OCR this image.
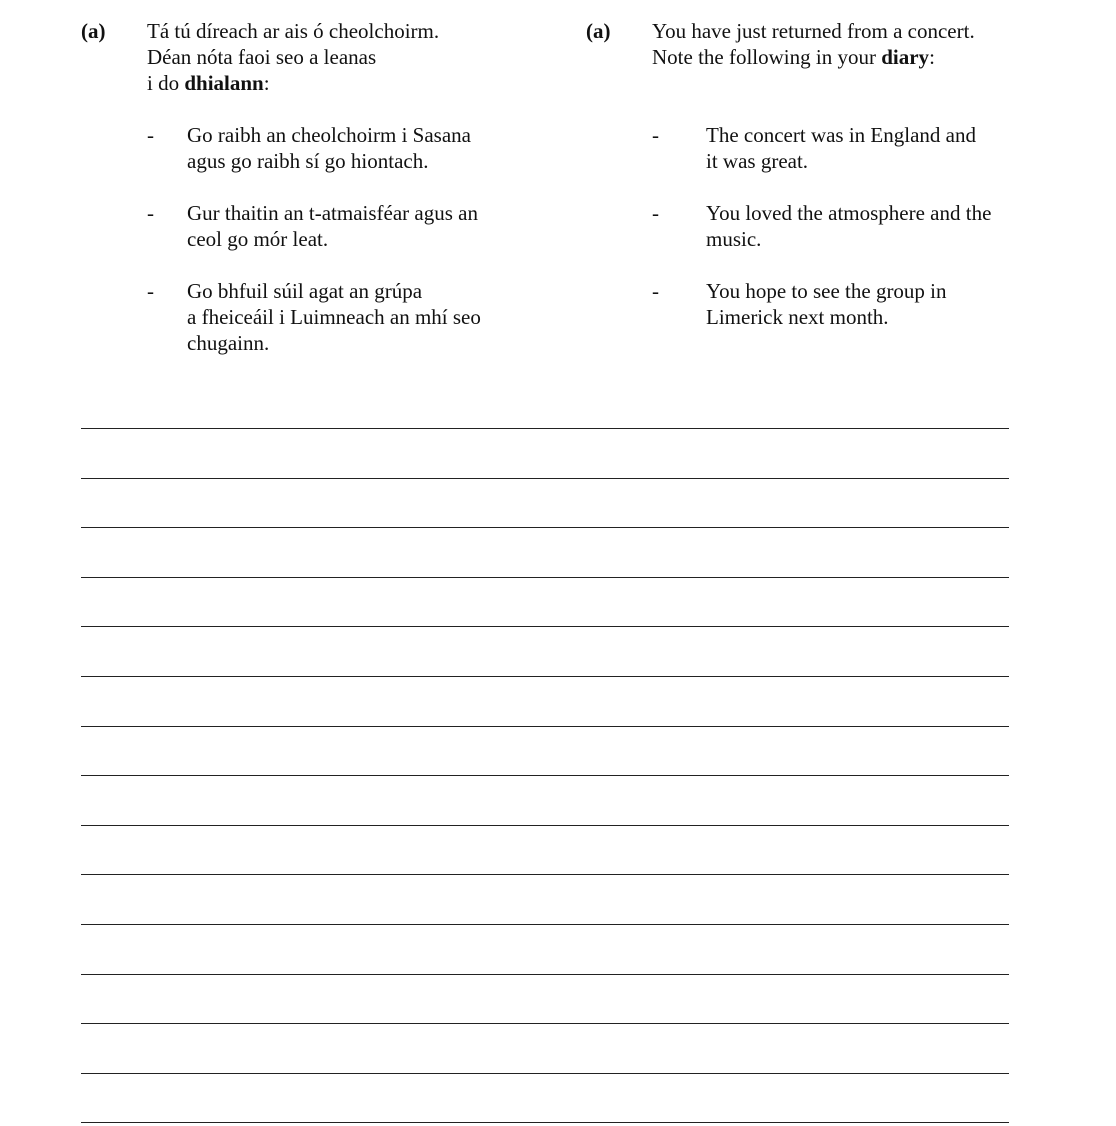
(a) Tá tú díreach ar ais ó cheolchoirm.
Déan nóta faoi seo a leanas
i do dhialann:
- Go raibh an cheolchoirm i Sasana
agus go raibh sí go hiontach.
- Gur thaitin an t-atmaisféar agus an
ceol go mór leat.
- Go bhfuil súil agat an grúpa
a fheiceáil i Luimneach an mhí seo
chugainn.
(a) You have just returned from a concert.
Note the following in your diary:
- The concert was in England and
it was great.
- You loved the atmosphere and the
music.
- You hope to see the group in
Limerick next month.
